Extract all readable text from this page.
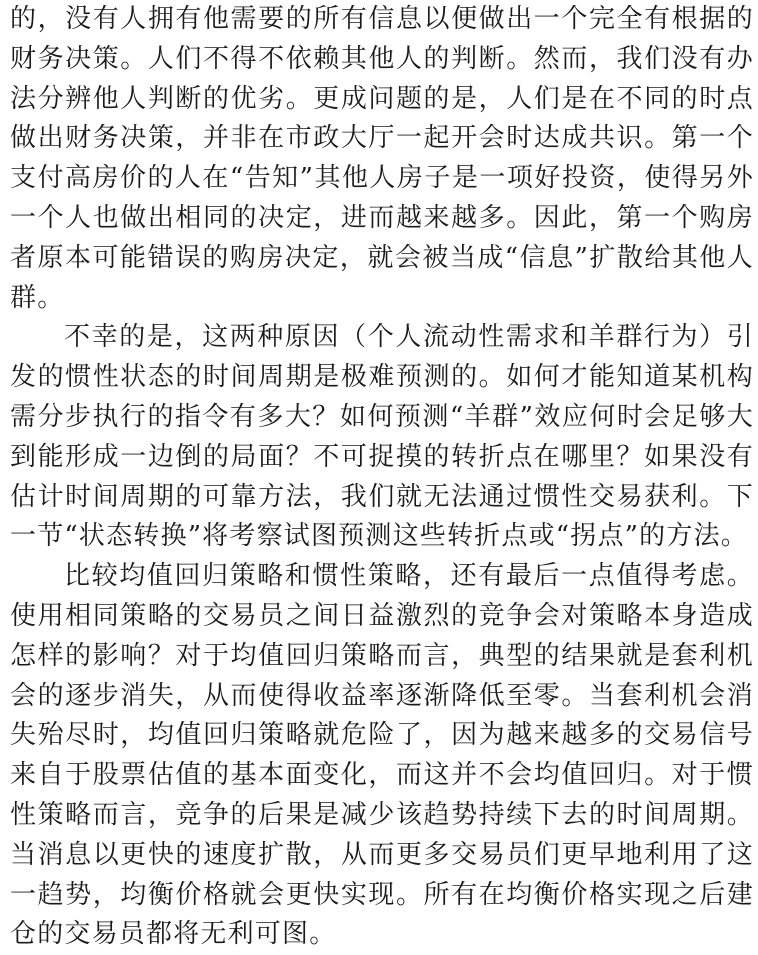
的，没有人拥有他需要的所有信息以便做出一个完全有根据的财务决策。人们不得不依赖其他人的判断。然而，我们没有办法分辨他人判断的优劣。更成问题的是，人们是在不同的时点做出财务决策，并非在市政大厅一起开会时达成共识。第一个支付高房价的人在“告知”其他人房子是一项好投资，使得另外一个人也做出相同的决定，进而越来越多。因此，第一个购房者原本可能错误的购房决定，就会被当成“信息”扩散给其他人群。

不幸的是，这两种原因（个人流动性需求和羊群行为）引发的惯性状态的时间周期是极难预测的。如何才能知道某机构需分步执行的指令有多大？如何预测“羊群”效应何时会足够大到能形成一边倒的局面？不可捉摸的转折点在哪里？如果没有估计时间周期的可靠方法，我们就无法通过惯性交易获利。下一节“状态转换”将考察试图预测这些转折点或“拐点”的方法。

比较均值回归策略和惯性策略，还有最后一点值得考虑。使用相同策略的交易员之间日益激烈的竞争会对策略本身造成怎样的影响？对于均值回归策略而言，典型的结果就是套利机会的逐步消失，从而使得收益率逐渐降低至零。当套利机会消失殆尽时，均值回归策略就危险了，因为越来越多的交易信号来自于股票估值的基本面变化，而这并不会均值回归。对于惯性策略而言，竞争的后果是减少该趋势持续下去的时间周期。当消息以更快的速度扩散，从而更多交易员们更早地利用了这一趋势，均衡价格就会更快实现。所有在均衡价格实现之后建仓的交易员都将无利可图。
